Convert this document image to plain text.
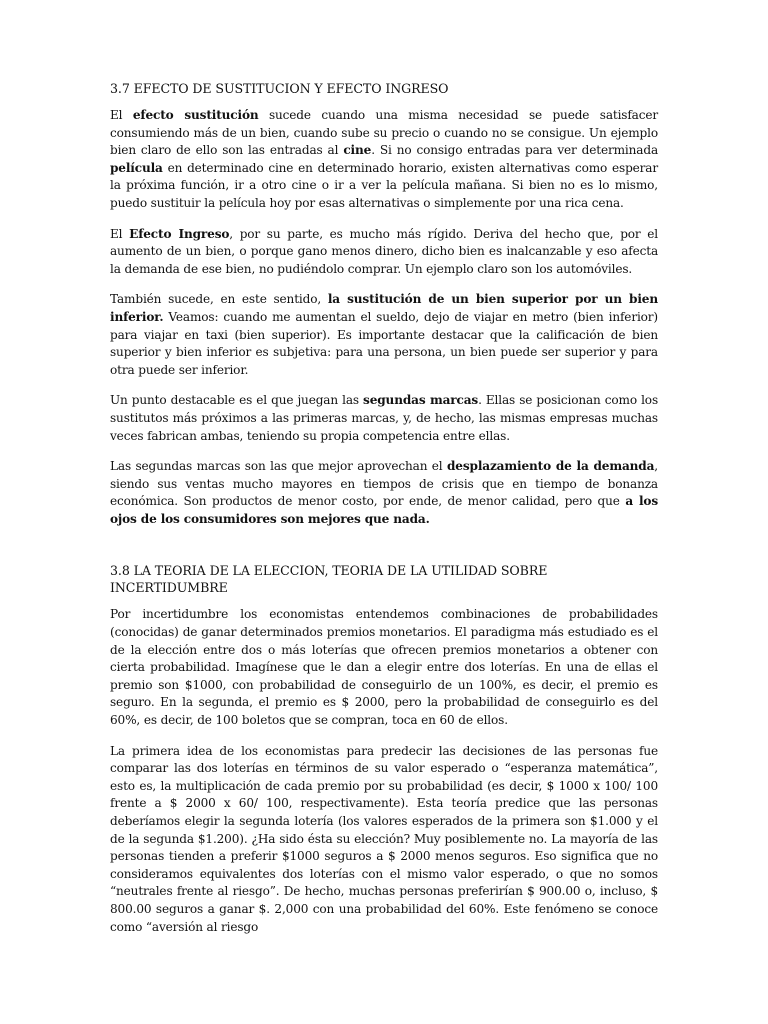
3.7 EFECTO DE SUSTITUCION Y EFECTO INGRESO

El efecto sustitución sucede cuando una misma necesidad se puede satisfacer consumiendo más de un bien, cuando sube su precio o cuando no se consigue. Un ejemplo bien claro de ello son las entradas al cine. Si no consigo entradas para ver determinada película en determinado cine en determinado horario, existen alternativas como esperar la próxima función, ir a otro cine o ir a ver la película mañana. Si bien no es lo mismo, puedo sustituir la película hoy por esas alternativas o simplemente por una rica cena.

El Efecto Ingreso, por su parte, es mucho más rígido. Deriva del hecho que, por el aumento de un bien, o porque gano menos dinero, dicho bien es inalcanzable y eso afecta la demanda de ese bien, no pudiéndolo comprar. Un ejemplo claro son los automóviles.

También sucede, en este sentido, la sustitución de un bien superior por un bien inferior. Veamos: cuando me aumentan el sueldo, dejo de viajar en metro (bien inferior) para viajar en taxi (bien superior). Es importante destacar que la calificación de bien superior y bien inferior es subjetiva: para una persona, un bien puede ser superior y para otra puede ser inferior.

Un punto destacable es el que juegan las segundas marcas. Ellas se posicionan como los sustitutos más próximos a las primeras marcas, y, de hecho, las mismas empresas muchas veces fabrican ambas, teniendo su propia competencia entre ellas.

Las segundas marcas son las que mejor aprovechan el desplazamiento de la demanda, siendo sus ventas mucho mayores en tiempos de crisis que en tiempo de bonanza económica. Son productos de menor costo, por ende, de menor calidad, pero que a los ojos de los consumidores son mejores que nada.

3.8 LA TEORIA DE LA ELECCION, TEORIA DE LA UTILIDAD SOBRE INCERTIDUMBRE

Por incertidumbre los economistas entendemos combinaciones de probabilidades (conocidas) de ganar determinados premios monetarios. El paradigma más estudiado es el de la elección entre dos o más loterías que ofrecen premios monetarios a obtener con cierta probabilidad. Imagínese que le dan a elegir entre dos loterías. En una de ellas el premio son $1000, con probabilidad de conseguirlo de un 100%, es decir, el premio es seguro. En la segunda, el premio es $ 2000, pero la probabilidad de conseguirlo es del 60%, es decir, de 100 boletos que se compran, toca en 60 de ellos.

La primera idea de los economistas para predecir las decisiones de las personas fue comparar las dos loterías en términos de su valor esperado o “esperanza matemática”, esto es, la multiplicación de cada premio por su probabilidad (es decir, $ 1000 x 100/ 100 frente a $ 2000 x 60/ 100, respectivamente). Esta teoría predice que las personas deberíamos elegir la segunda lotería (los valores esperados de la primera son $1.000 y el de la segunda $1.200). ¿Ha sido ésta su elección? Muy posiblemente no. La mayoría de las personas tienden a preferir $1000 seguros a $ 2000 menos seguros. Eso significa que no consideramos equivalentes dos loterías con el mismo valor esperado, o que no somos “neutrales frente al riesgo”. De hecho, muchas personas preferirían $ 900.00 o, incluso, $ 800.00 seguros a ganar $. 2,000 con una probabilidad del 60%. Este fenómeno se conoce como “aversión al riesgo
